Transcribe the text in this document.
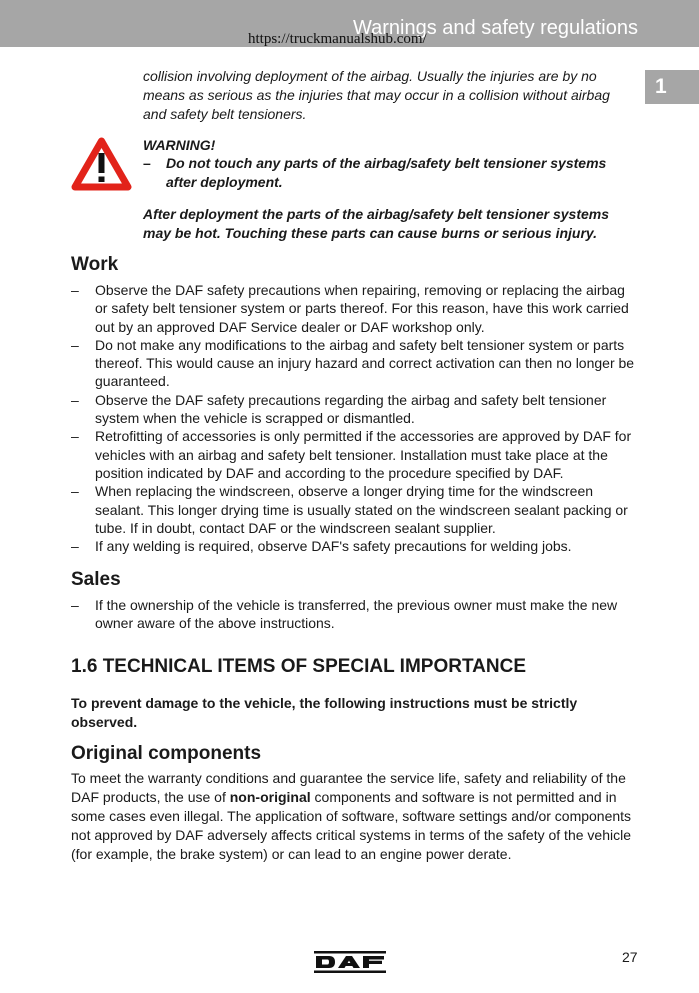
Warnings and safety regulations
https://truckmanualshub.com/
1

collision involving deployment of the airbag. Usually the injuries are by no means as serious as the injuries that may occur in a collision without airbag and safety belt tensioners.

WARNING!
– Do not touch any parts of the airbag/safety belt tensioner systems after deployment.

After deployment the parts of the airbag/safety belt tensioner systems may be hot. Touching these parts can cause burns or serious injury.

Work
– Observe the DAF safety precautions when repairing, removing or replacing the airbag or safety belt tensioner system or parts thereof. For this reason, have this work carried out by an approved DAF Service dealer or DAF workshop only.
– Do not make any modifications to the airbag and safety belt tensioner system or parts thereof. This would cause an injury hazard and correct activation can then no longer be guaranteed.
– Observe the DAF safety precautions regarding the airbag and safety belt tensioner system when the vehicle is scrapped or dismantled.
– Retrofitting of accessories is only permitted if the accessories are approved by DAF for vehicles with an airbag and safety belt tensioner. Installation must take place at the position indicated by DAF and according to the procedure specified by DAF.
– When replacing the windscreen, observe a longer drying time for the windscreen sealant. This longer drying time is usually stated on the windscreen sealant packing or tube. If in doubt, contact DAF or the windscreen sealant supplier.
– If any welding is required, observe DAF's safety precautions for welding jobs.
Sales
– If the ownership of the vehicle is transferred, the previous owner must make the new owner aware of the above instructions.
1.6 TECHNICAL ITEMS OF SPECIAL IMPORTANCE

To prevent damage to the vehicle, the following instructions must be strictly observed.

Original components

To meet the warranty conditions and guarantee the service life, safety and reliability of the DAF products, the use of non-original components and software is not permitted and in some cases even illegal. The application of software, software settings and/or components not approved by DAF adversely affects critical systems in terms of the safety of the vehicle (for example, the brake system) or can lead to an engine power derate.

27
